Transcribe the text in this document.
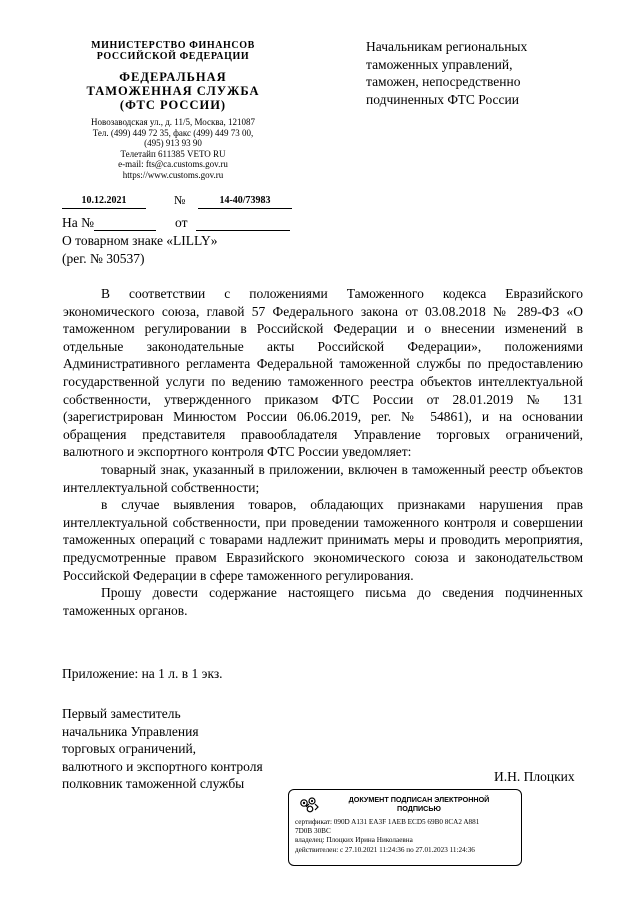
МИНИСТЕРСТВО ФИНАНСОВ
РОССИЙСКОЙ ФЕДЕРАЦИИ
ФЕДЕРАЛЬНАЯ
ТАМОЖЕННАЯ СЛУЖБА
(ФТС РОССИИ)
Новозаводская ул., д. 11/5, Москва, 121087
Тел. (499) 449 72 35, факс (499) 449 73 00,
(495) 913 93 90
Телетайп 611385 VETO RU
e-mail: fts@ca.customs.gov.ru
https://www.customs.gov.ru
10.12.2021	№	14-40/73983
На №	от
О товарном знаке «LILLY»
(рег. № 30537)
Начальникам региональных
таможенных управлений,
таможен, непосредственно
подчиненных ФТС России

В соответствии с положениями Таможенного кодекса Евразийского экономического союза, главой 57 Федерального закона от 03.08.2018 № 289-ФЗ «О таможенном регулировании в Российской Федерации и о внесении изменений в отдельные законодательные акты Российской Федерации», положениями Административного регламента Федеральной таможенной службы по предоставлению государственной услуги по ведению таможенного реестра объектов интеллектуальной собственности, утвержденного приказом ФТС России от 28.01.2019 № 131 (зарегистрирован Минюстом России 06.06.2019, рег. № 54861), и на основании обращения представителя правообладателя Управление торговых ограничений, валютного и экспортного контроля ФТС России уведомляет:

товарный знак, указанный в приложении, включен в таможенный реестр объектов интеллектуальной собственности;

в случае выявления товаров, обладающих признаками нарушения прав интеллектуальной собственности, при проведении таможенного контроля и совершении таможенных операций с товарами надлежит принимать меры и проводить мероприятия, предусмотренные правом Евразийского экономического союза и законодательством Российской Федерации в сфере таможенного регулирования.

Прошу довести содержание настоящего письма до сведения подчиненных таможенных органов.

Приложение: на 1 л. в 1 экз.
Первый заместитель
начальника Управления
торговых ограничений,
валютного и экспортного контроля
полковник таможенной службы	И.Н. Плоцких
ДОКУМЕНТ ПОДПИСАН ЭЛЕКТРОННОЙ
ПОДПИСЬЮ
сертификат: 090D A131 EA3F 1AEB ECD5 69B0 8CA2 A881
7D0B 30BC
владелец: Плоцких Ирина Николаевна
действителен: с 27.10.2021 11:24:36 по 27.01.2023 11:24:36
